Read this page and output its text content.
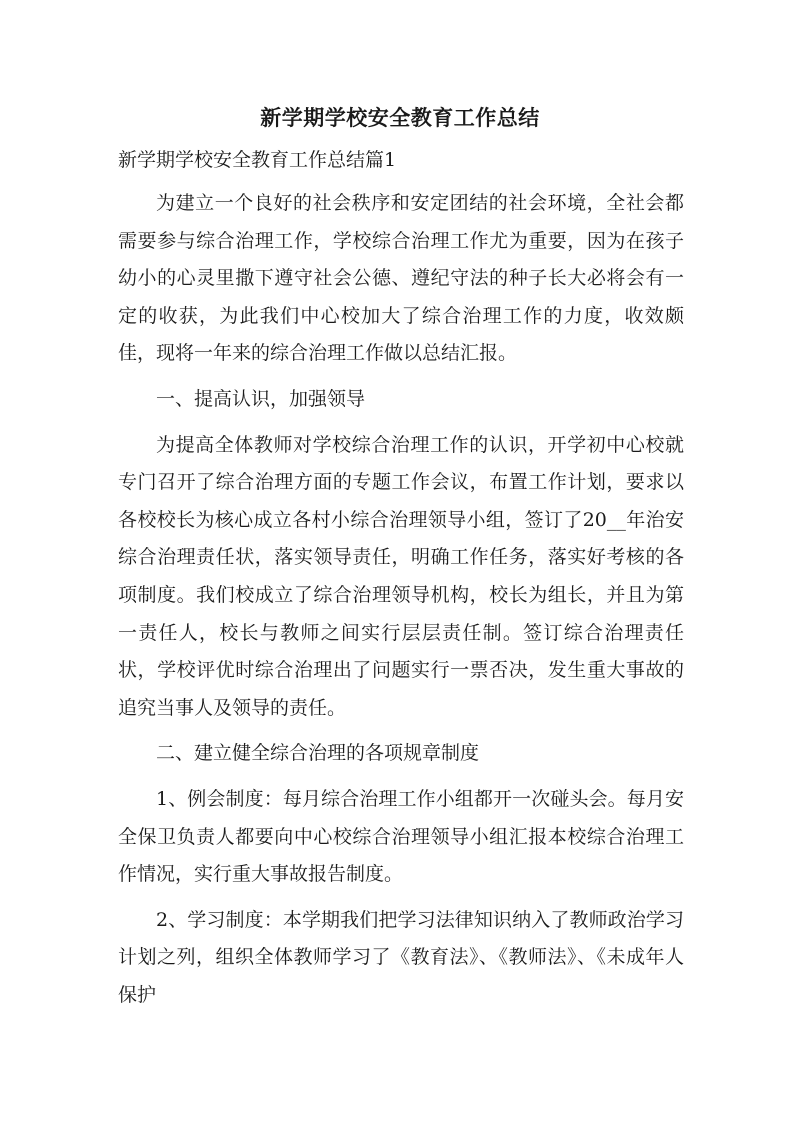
新学期学校安全教育工作总结
新学期学校安全教育工作总结篇1

为建立一个良好的社会秩序和安定团结的社会环境，全社会都需要参与综合治理工作，学校综合治理工作尤为重要，因为在孩子幼小的心灵里撒下遵守社会公德、遵纪守法的种子长大必将会有一定的收获，为此我们中心校加大了综合治理工作的力度，收效颇佳，现将一年来的综合治理工作做以总结汇报。

一、提高认识，加强领导

为提高全体教师对学校综合治理工作的认识，开学初中心校就专门召开了综合治理方面的专题工作会议，布置工作计划，要求以各校校长为核心成立各村小综合治理领导小组，签订了20__年治安综合治理责任状，落实领导责任，明确工作任务，落实好考核的各项制度。我们校成立了综合治理领导机构，校长为组长，并且为第一责任人，校长与教师之间实行层层责任制。签订综合治理责任状，学校评优时综合治理出了问题实行一票否决，发生重大事故的追究当事人及领导的责任。

二、建立健全综合治理的各项规章制度

1、例会制度：每月综合治理工作小组都开一次碰头会。每月安全保卫负责人都要向中心校综合治理领导小组汇报本校综合治理工作情况，实行重大事故报告制度。

2、学习制度：本学期我们把学习法律知识纳入了教师政治学习计划之列，组织全体教师学习了《教育法》、《教师法》、《未成年人保护
